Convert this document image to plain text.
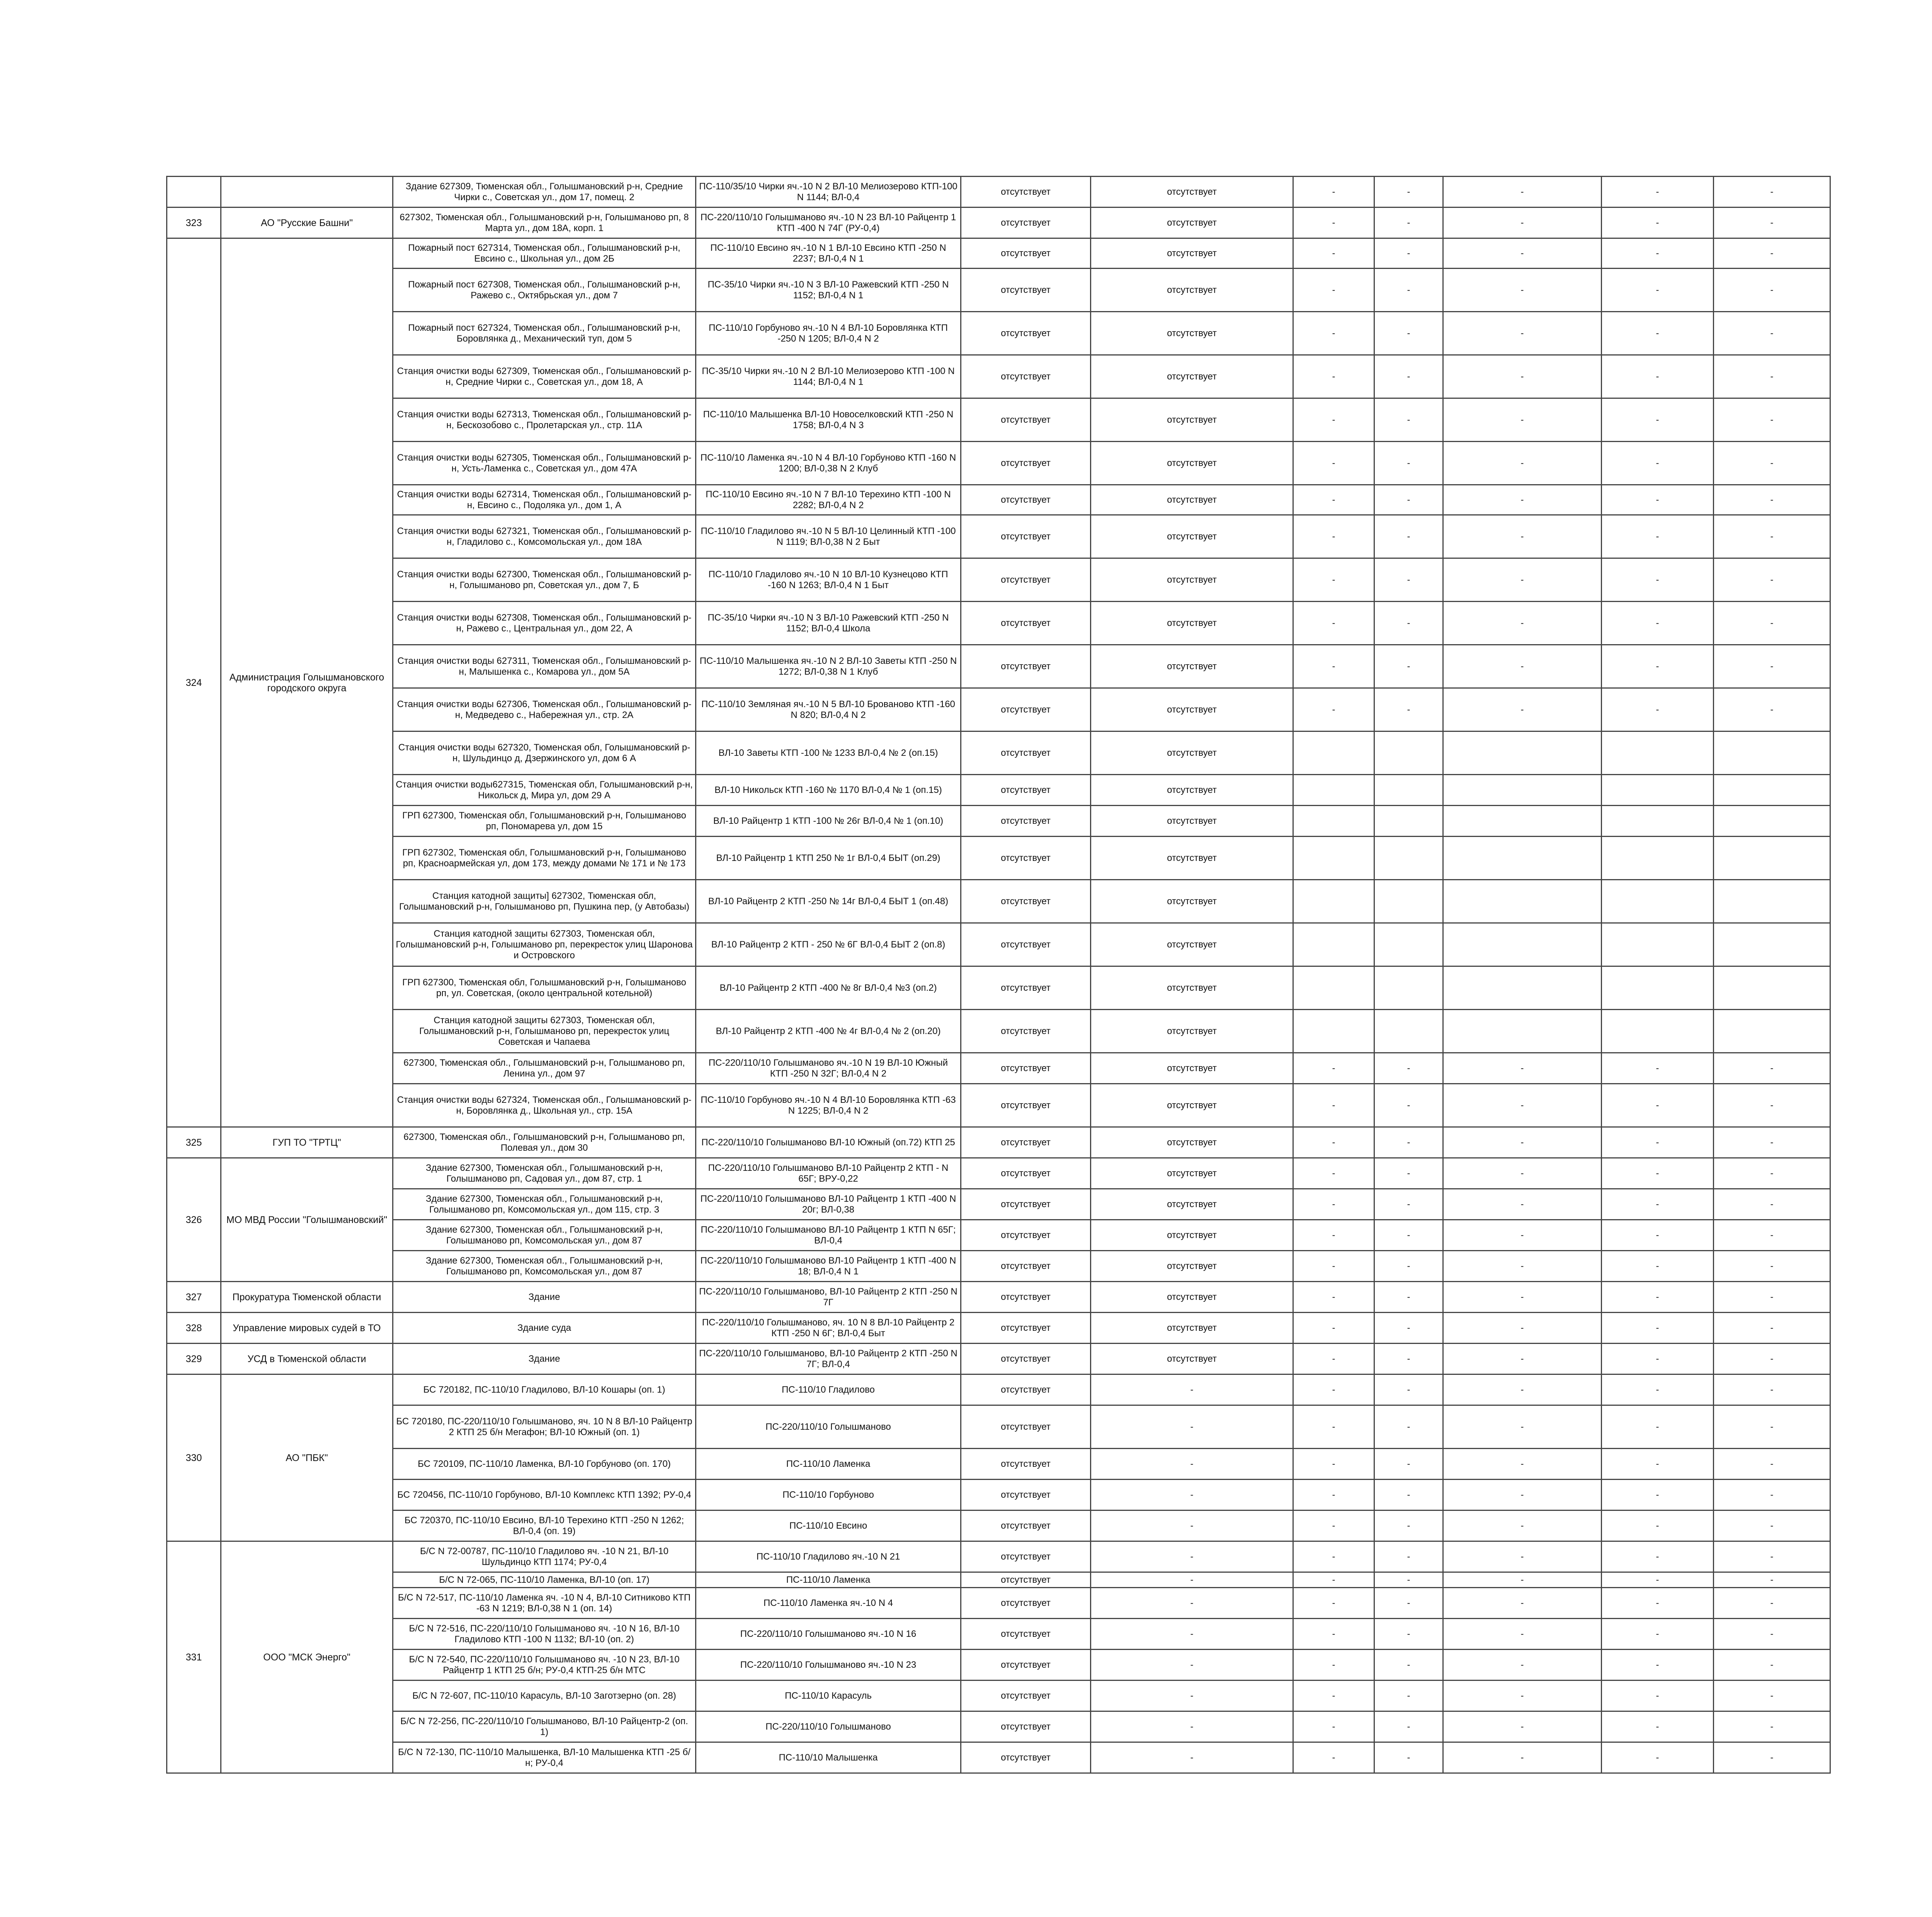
		Здание 627309, Тюменская обл., Голышмановский р-н, Средние Чирки с., Советская ул., дом 17, помещ. 2	ПС-110/35/10 Чирки яч.-10 N 2 ВЛ-10 Мелиозерово КТП-100 N 1144; ВЛ-0,4	отсутствует	отсутствует	-	-	-	-	-
323	АО "Русские Башни"	627302, Тюменская обл., Голышмановский р-н, Голышманово рп, 8 Марта ул., дом 18А, корп. 1	ПС-220/110/10 Голышманово яч.-10 N 23 ВЛ-10 Райцентр 1 КТП -400 N 74Г (РУ-0,4)	отсутствует	отсутствует	-	-	-	-	-
324	Администрация Голышмановского городского округа	Пожарный пост 627314, Тюменская обл., Голышмановский р-н, Евсино с., Школьная ул., дом 2Б	ПС-110/10 Евсино яч.-10 N 1 ВЛ-10 Евсино КТП -250 N 2237; ВЛ-0,4 N 1	отсутствует	отсутствует	-	-	-	-	-
		Пожарный пост 627308, Тюменская обл., Голышмановский р-н, Ражево с., Октябрьская ул., дом 7	ПС-35/10 Чирки яч.-10 N 3 ВЛ-10 Ражевский КТП -250 N 1152; ВЛ-0,4 N 1	отсутствует	отсутствует	-	-	-	-	-
		Пожарный пост 627324, Тюменская обл., Голышмановский р-н, Боровлянка д., Механический туп, дом 5	ПС-110/10 Горбуново яч.-10 N 4 ВЛ-10 Боровлянка КТП -250 N 1205; ВЛ-0,4 N 2	отсутствует	отсутствует	-	-	-	-	-
		Станция очистки воды 627309, Тюменская обл., Голышмановский р-н, Средние Чирки с., Советская ул., дом 18, А	ПС-35/10 Чирки яч.-10 N 2 ВЛ-10 Мелиозерово КТП -100 N 1144; ВЛ-0,4 N 1	отсутствует	отсутствует	-	-	-	-	-
		Станция очистки воды 627313, Тюменская обл., Голышмановский р-н, Бескозобово с., Пролетарская ул., стр. 11А	ПС-110/10 Малышенка ВЛ-10 Новоселковский КТП -250 N 1758; ВЛ-0,4 N 3	отсутствует	отсутствует	-	-	-	-	-
		Станция очистки воды 627305, Тюменская обл., Голышмановский р-н, Усть-Ламенка с., Советская ул., дом 47А	ПС-110/10 Ламенка яч.-10 N 4 ВЛ-10 Горбуново КТП -160 N 1200; ВЛ-0,38 N 2 Клуб	отсутствует	отсутствует	-	-	-	-	-
		Станция очистки воды 627314, Тюменская обл., Голышмановский р-н, Евсино с., Подоляка ул., дом 1, А	ПС-110/10 Евсино яч.-10 N 7 ВЛ-10 Терехино КТП -100 N 2282; ВЛ-0,4 N 2	отсутствует	отсутствует	-	-	-	-	-
		Станция очистки воды 627321, Тюменская обл., Голышмановский р-н, Гладилово с., Комсомольская ул., дом 18А	ПС-110/10 Гладилово яч.-10 N 5 ВЛ-10 Целинный КТП -100 N 1119; ВЛ-0,38 N 2 Быт	отсутствует	отсутствует	-	-	-	-	-
		Станция очистки воды 627300, Тюменская обл., Голышмановский р-н, Голышманово рп, Советская ул., дом 7, Б	ПС-110/10 Гладилово яч.-10 N 10 ВЛ-10 Кузнецово КТП -160 N 1263; ВЛ-0,4 N 1 Быт	отсутствует	отсутствует	-	-	-	-	-
		Станция очистки воды 627308, Тюменская обл., Голышмановский р-н, Ражево с., Центральная ул., дом 22, А	ПС-35/10 Чирки яч.-10 N 3 ВЛ-10 Ражевский КТП -250 N 1152; ВЛ-0,4 Школа	отсутствует	отсутствует	-	-	-	-	-
		Станция очистки воды 627311, Тюменская обл., Голышмановский р-н, Малышенка с., Комарова ул., дом 5А	ПС-110/10 Малышенка яч.-10 N 2 ВЛ-10 Заветы КТП -250 N 1272; ВЛ-0,38 N 1 Клуб	отсутствует	отсутствует	-	-	-	-	-
		Станция очистки воды 627306, Тюменская обл., Голышмановский р-н, Медведево с., Набережная ул., стр. 2А	ПС-110/10 Земляная яч.-10 N 5 ВЛ-10 Брованово КТП -160 N 820; ВЛ-0,4 N 2	отсутствует	отсутствует	-	-	-	-	-
		Станция очистки воды 627320, Тюменская обл, Голышмановский р-н, Шульдинцо д, Дзержинского ул, дом 6 А	ВЛ-10 Заветы КТП -100 № 1233 ВЛ-0,4 № 2 (оп.15)	отсутствует	отсутствует					
		Станция очистки воды627315, Тюменская обл, Голышмановский р-н, Никольск д, Мира ул, дом 29 А	ВЛ-10 Никольск КТП -160 № 1170 ВЛ-0,4 № 1 (оп.15)	отсутствует	отсутствует					
		ГРП 627300, Тюменская обл, Голышмановский р-н, Голышманово рп, Пономарева ул, дом 15	ВЛ-10 Райцентр 1 КТП -100 № 26г ВЛ-0,4 № 1 (оп.10)	отсутствует	отсутствует					
		ГРП 627302, Тюменская обл, Голышмановский р-н, Голышманово рп, Красноармейская ул, дом 173, между домами № 171 и № 173	ВЛ-10 Райцентр 1 КТП 250 № 1г ВЛ-0,4 БЫТ (оп.29)	отсутствует	отсутствует					
		Станция катодной защиты] 627302, Тюменская обл, Голышмановский р-н, Голышманово рп, Пушкина пер, (у Автобазы)	ВЛ-10 Райцентр 2 КТП -250 № 14г ВЛ-0,4 БЫТ 1 (оп.48)	отсутствует	отсутствует					
		Станция катодной защиты 627303, Тюменская обл, Голышмановский р-н, Голышманово рп, перекресток улиц Шаронова и Островского	ВЛ-10 Райцентр 2 КТП - 250 № 6Г ВЛ-0,4 БЫТ 2 (оп.8)	отсутствует	отсутствует					
		ГРП 627300, Тюменская обл, Голышмановский р-н, Голышманово рп, ул. Советская, (около центральной котельной)	ВЛ-10 Райцентр 2 КТП -400 № 8г ВЛ-0,4 №3 (оп.2)	отсутствует	отсутствует					
		Станция катодной защиты 627303, Тюменская обл, Голышмановский р-н, Голышманово рп, перекресток улиц Советская и Чапаева	ВЛ-10 Райцентр 2 КТП -400 № 4г ВЛ-0,4 № 2 (оп.20)	отсутствует	отсутствует					
		627300, Тюменская обл., Голышмановский р-н, Голышманово рп, Ленина ул., дом 97	ПС-220/110/10 Голышманово яч.-10 N 19 ВЛ-10 Южный КТП -250 N 32Г; ВЛ-0,4 N 2	отсутствует	отсутствует	-	-	-	-	-
		Станция очистки воды 627324, Тюменская обл., Голышмановский р-н, Боровлянка д., Школьная ул., стр. 15А	ПС-110/10 Горбуново яч.-10 N 4 ВЛ-10 Боровлянка КТП -63 N 1225; ВЛ-0,4 N 2	отсутствует	отсутствует	-	-	-	-	-
325	ГУП ТО "ТРТЦ"	627300, Тюменская обл., Голышмановский р-н, Голышманово рп, Полевая ул., дом 30	ПС-220/110/10 Голышманово ВЛ-10 Южный (оп.72) КТП 25	отсутствует	отсутствует	-	-	-	-	-
326	МО МВД России "Голышмановский"	Здание 627300, Тюменская обл., Голышмановский р-н, Голышманово рп, Садовая ул., дом 87, стр. 1	ПС-220/110/10 Голышманово ВЛ-10 Райцентр 2 КТП - N 65Г; ВРУ-0,22	отсутствует	отсутствует	-	-	-	-	-
		Здание 627300, Тюменская обл., Голышмановский р-н, Голышманово рп, Комсомольская ул., дом 115, стр. 3	ПС-220/110/10 Голышманово ВЛ-10 Райцентр 1 КТП -400 N 20г; ВЛ-0,38	отсутствует	отсутствует	-	-	-	-	-
		Здание 627300, Тюменская обл., Голышмановский р-н, Голышманово рп, Комсомольская ул., дом 87	ПС-220/110/10 Голышманово ВЛ-10 Райцентр 1 КТП N 65Г; ВЛ-0,4	отсутствует	отсутствует	-	-	-	-	-
		Здание 627300, Тюменская обл., Голышмановский р-н, Голышманово рп, Комсомольская ул., дом 87	ПС-220/110/10 Голышманово ВЛ-10 Райцентр 1 КТП -400 N 18; ВЛ-0,4 N 1	отсутствует	отсутствует	-	-	-	-	-
327	Прокуратура Тюменской области	Здание	ПС-220/110/10 Голышманово, ВЛ-10 Райцентр 2 КТП -250 N 7Г	отсутствует	отсутствует	-	-	-	-	-
328	Управление мировых судей в ТО	Здание суда	ПС-220/110/10 Голышманово, яч. 10 N 8 ВЛ-10 Райцентр 2 КТП -250 N 6Г; ВЛ-0,4 Быт	отсутствует	отсутствует	-	-	-	-	-
329	УСД в Тюменской области	Здание	ПС-220/110/10 Голышманово, ВЛ-10 Райцентр 2 КТП -250 N 7Г; ВЛ-0,4	отсутствует	отсутствует	-	-	-	-	-
330	АО "ПБК"	БС 720182, ПС-110/10 Гладилово, ВЛ-10 Кошары (оп. 1)	ПС-110/10 Гладилово	отсутствует	-	-	-	-	-	-
		БС 720180, ПС-220/110/10 Голышманово, яч. 10 N 8 ВЛ-10 Райцентр 2 КТП 25 б/н Мегафон; ВЛ-10 Южный (оп. 1)	ПС-220/110/10 Голышманово	отсутствует	-	-	-	-	-	-
		БС 720109, ПС-110/10 Ламенка, ВЛ-10 Горбуново (оп. 170)	ПС-110/10 Ламенка	отсутствует	-	-	-	-	-	-
		БС 720456, ПС-110/10 Горбуново, ВЛ-10 Комплекс КТП 1392; РУ-0,4	ПС-110/10 Горбуново	отсутствует	-	-	-	-	-	-
		БС 720370, ПС-110/10 Евсино, ВЛ-10 Терехино КТП -250 N 1262; ВЛ-0,4 (оп. 19)	ПС-110/10 Евсино	отсутствует	-	-	-	-	-	-
331	ООО "МСК Энерго"	Б/С N 72-00787, ПС-110/10 Гладилово яч. -10 N 21, ВЛ-10 Шульдинцо КТП 1174; РУ-0,4	ПС-110/10 Гладилово яч.-10 N 21	отсутствует	-	-	-	-	-	-
		Б/С N 72-065, ПС-110/10 Ламенка, ВЛ-10 (оп. 17)	ПС-110/10 Ламенка	отсутствует	-	-	-	-	-	-
		Б/С N 72-517, ПС-110/10 Ламенка яч. -10 N 4, ВЛ-10 Ситниково КТП -63 N 1219; ВЛ-0,38 N 1 (оп. 14)	ПС-110/10 Ламенка яч.-10 N 4	отсутствует	-	-	-	-	-	-
		Б/С N 72-516, ПС-220/110/10 Голышманово яч. -10 N 16, ВЛ-10 Гладилово КТП -100 N 1132; ВЛ-10 (оп. 2)	ПС-220/110/10 Голышманово яч.-10 N 16	отсутствует	-	-	-	-	-	-
		Б/С N 72-540, ПС-220/110/10 Голышманово яч. -10 N 23, ВЛ-10 Райцентр 1 КТП 25 б/н; РУ-0,4 КТП-25 б/н МТС	ПС-220/110/10 Голышманово яч.-10 N 23	отсутствует	-	-	-	-	-	-
		Б/С N 72-607, ПС-110/10 Карасуль, ВЛ-10 Заготзерно (оп. 28)	ПС-110/10 Карасуль	отсутствует	-	-	-	-	-	-
		Б/С N 72-256, ПС-220/110/10 Голышманово, ВЛ-10 Райцентр-2 (оп. 1)	ПС-220/110/10 Голышманово	отсутствует	-	-	-	-	-	-
		Б/С N 72-130, ПС-110/10 Малышенка, ВЛ-10 Малышенка КТП -25 б/н; РУ-0,4	ПС-110/10 Малышенка	отсутствует	-	-	-	-	-	-
